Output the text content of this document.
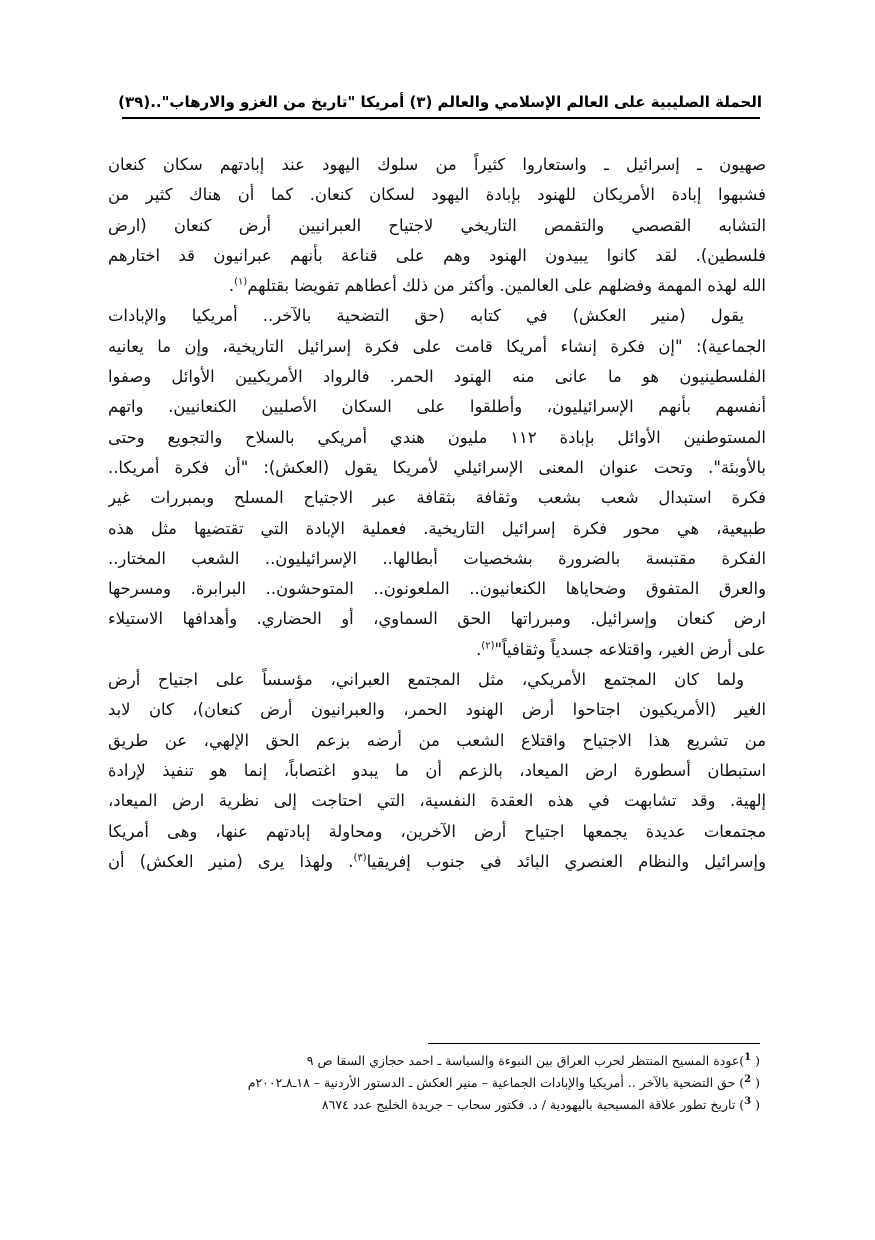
الحملة الصليبية على العالم الإسلامي والعالم (٣) أمريكا "تاريخ من الغزو والارهاب"..
(٣٩)
صهيون ـ إسرائيل ـ واستعاروا كثيراً من سلوك اليهود عند إبادتهم سكان كنعان
فشبهوا إبادة الأمريكان للهنود بإبادة اليهود لسكان كنعان. كما أن هناك كثير من
التشابه القصصي والتقمص التاريخي لاجتياح العبرانيين أرض كنعان (ارض
فلسطين). لقد كانوا يبيدون الهنود وهم على قناعة بأنهم عبرانيون قد اختارهم
الله لهذه المهمة وفضلهم على العالمين. وأكثر من ذلك أعطاهم تفويضا بقتلهم$^{(١)}$.
يقول (منير العكش) في كتابه (حق التضحية بالآخر.. أمريكيا والإبادات
الجماعية): "إن فكرة إنشاء أمريكا قامت على فكرة إسرائيل التاريخية، وإن ما يعانيه
الفلسطينيون هو ما عانى منه الهنود الحمر. فالرواد الأمريكيين الأوائل وصفوا
أنفسهم بأنهم الإسرائيليون، وأطلقوا على السكان الأصليين الكنعانيين. واتهم
المستوطنين الأوائل بإبادة ١١٢ مليون هندي أمريكي بالسلاح والتجويع وحتى
بالأوبئة". وتحت عنوان المعنى الإسرائيلي لأمريكا يقول (العكش): "أن فكرة أمريكا..
فكرة استبدال شعب بشعب وثقافة بثقافة عبر الاجتياح المسلح وبمبررات غير
طبيعية، هي محور فكرة إسرائيل التاريخية. فعملية الإبادة التي تقتضيها مثل هذه
الفكرة مقتبسة بالضرورة بشخصيات أبطالها.. الإسرائيليون.. الشعب المختار..
والعرق المتفوق وضحاياها الكنعانيون.. الملعونون.. المتوحشون.. البرابرة. ومسرحها
ارض كنعان وإسرائيل. ومبرراتها الحق السماوي، أو الحضاري. وأهدافها الاستيلاء
على أرض الغير، واقتلاعه جسدياً وثقافياً"$^{(٢)}$.
ولما كان المجتمع الأمريكي، مثل المجتمع العبراني، مؤسساً على اجتياح أرض
الغير (الأمريكيون اجتاحوا أرض الهنود الحمر، والعبرانيون أرض كنعان)، كان لابد
من تشريع هذا الاجتياح واقتلاع الشعب من أرضه بزعم الحق الإلهي، عن طريق
استبطان أسطورة ارض الميعاد، بالزعم أن ما يبدو اغتصاباً، إنما هو تنفيذ لإرادة
إلهية. وقد تشابهت في هذه العقدة النفسية، التي احتاجت إلى نظرية ارض الميعاد،
مجتمعات عديدة يجمعها اجتياح أرض الآخرين، ومحاولة إبادتهم عنها، وهى أمريكا
وإسرائيل والنظام العنصري البائد في جنوب إفريقيا$^{(٣)}$. ولهذا يرى (منير العكش) أن
( $^1$)عودة المسيح المنتظر لحرب العراق بين النبوءة والسياسة ـ احمد حجازي السقا ص ٩
( $^2$) حق التضحية بالآخر .. أمريكيا والإبادات الجماعية – منير العكش ـ الدستور الأردنية – ١٨ـ٨ـ٢٠٠٢م
( $^3$) تاريخ تطور علاقة المسيحية باليهودية / د. فكتور سحاب – جريدة الخليج عدد ٨٦٧٤
